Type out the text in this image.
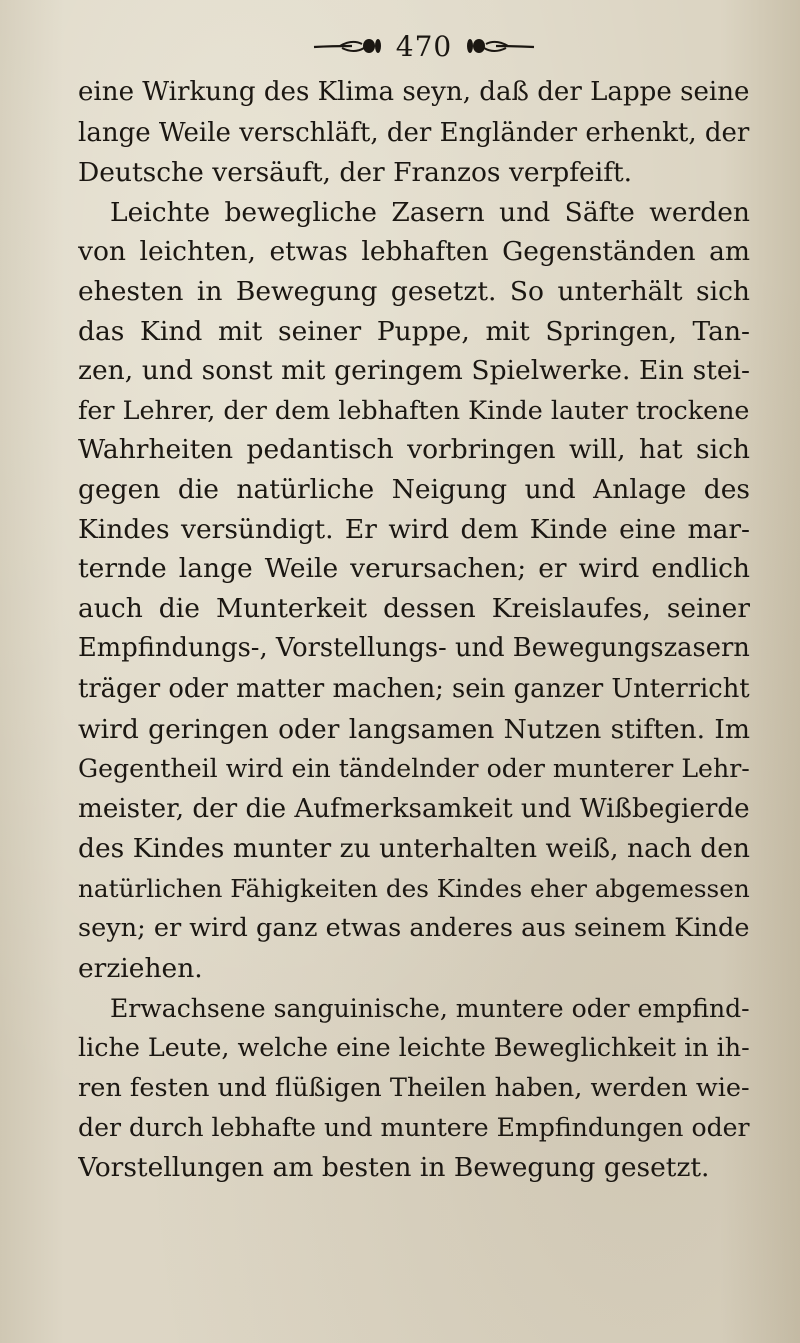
470

eine Wirkung des Klima seyn, daß der Lappe seine
lange Weile verschläft, der Engländer erhenkt, der
Deutsche versäuft, der Franzos verpfeift.

Leichte bewegliche Zasern und Säfte werden
von leichten, etwas lebhaften Gegenständen am
ehesten in Bewegung gesetzt. So unterhält sich
das Kind mit seiner Puppe, mit Springen, Tan-
zen, und sonst mit geringem Spielwerke. Ein stei-
fer Lehrer, der dem lebhaften Kinde lauter trockene
Wahrheiten pedantisch vorbringen will, hat sich
gegen die natürliche Neigung und Anlage des
Kindes versündigt. Er wird dem Kinde eine mar-
ternde lange Weile verursachen; er wird endlich
auch die Munterkeit dessen Kreislaufes, seiner
Empfindungs-, Vorstellungs- und Bewegungszasern
träger oder matter machen; sein ganzer Unterricht
wird geringen oder langsamen Nutzen stiften. Im
Gegentheil wird ein tändelnder oder munterer Lehr-
meister, der die Aufmerksamkeit und Wißbegierde
des Kindes munter zu unterhalten weiß, nach den
natürlichen Fähigkeiten des Kindes eher abgemessen
seyn; er wird ganz etwas anderes aus seinem Kinde
erziehen.

Erwachsene sanguinische, muntere oder empfind-
liche Leute, welche eine leichte Beweglichkeit in ih-
ren festen und flüßigen Theilen haben, werden wie-
der durch lebhafte und muntere Empfindungen oder
Vorstellungen am besten in Bewegung gesetzt.
